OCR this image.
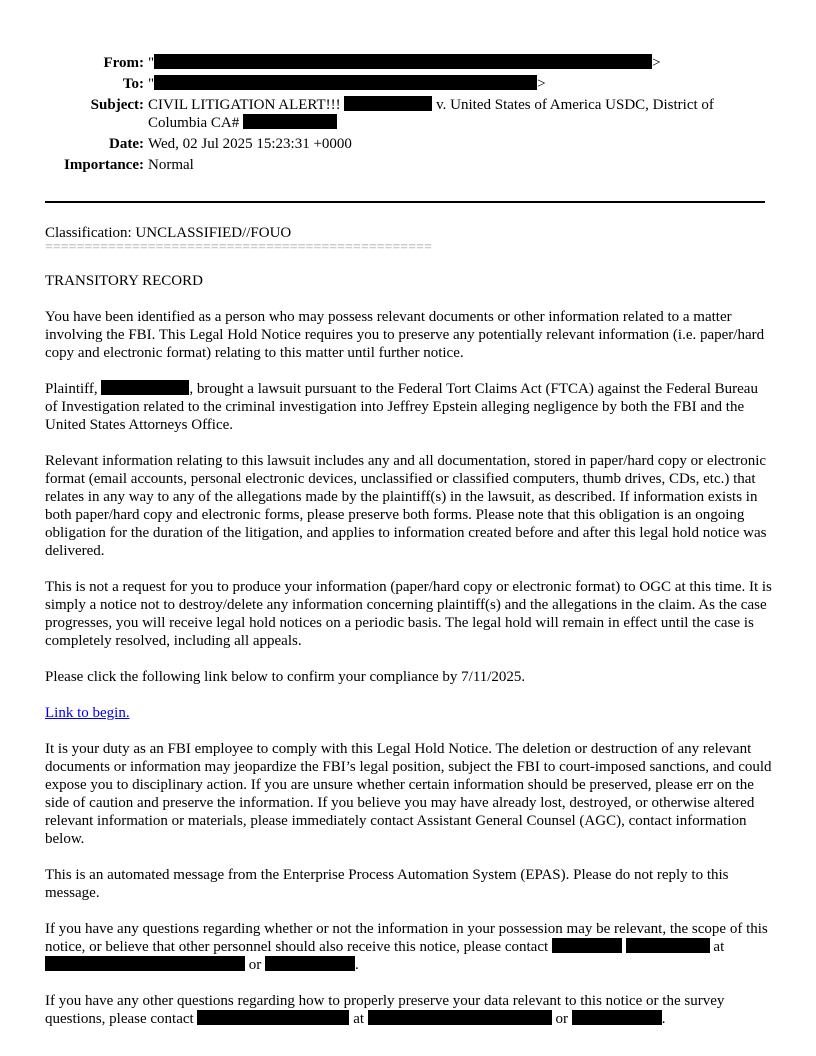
From: "	>
To: "	>
Subject: CIVIL LITIGATION ALERT!!!	v. United States of America USDC, District of Columbia CA#
Date: Wed, 02 Jul 2025 15:23:31 +0000
Importance: Normal

Classification: UNCLASSIFIED//FOUO

=================================================

TRANSITORY RECORD

You have been identified as a person who may possess relevant documents or other information related to a matter involving the FBI. This Legal Hold Notice requires you to preserve any potentially relevant information (i.e. paper/hard copy and electronic format) relating to this matter until further notice.

Plaintiff,	, brought a lawsuit pursuant to the Federal Tort Claims Act (FTCA) against the Federal Bureau of Investigation related to the criminal investigation into Jeffrey Epstein alleging negligence by both the FBI and the United States Attorneys Office.

Relevant information relating to this lawsuit includes any and all documentation, stored in paper/hard copy or electronic format (email accounts, personal electronic devices, unclassified or classified computers, thumb drives, CDs, etc.) that relates in any way to any of the allegations made by the plaintiff(s) in the lawsuit, as described. If information exists in both paper/hard copy and electronic forms, please preserve both forms. Please note that this obligation is an ongoing obligation for the duration of the litigation, and applies to information created before and after this legal hold notice was delivered.

This is not a request for you to produce your information (paper/hard copy or electronic format) to OGC at this time. It is simply a notice not to destroy/delete any information concerning plaintiff(s) and the allegations in the claim. As the case progresses, you will receive legal hold notices on a periodic basis. The legal hold will remain in effect until the case is completely resolved, including all appeals.

Please click the following link below to confirm your compliance by 7/11/2025.

Link to begin.

It is your duty as an FBI employee to comply with this Legal Hold Notice. The deletion or destruction of any relevant documents or information may jeopardize the FBI’s legal position, subject the FBI to court-imposed sanctions, and could expose you to disciplinary action. If you are unsure whether certain information should be preserved, please err on the side of caution and preserve the information. If you believe you may have already lost, destroyed, or otherwise altered relevant information or materials, please immediately contact Assistant General Counsel (AGC), contact information below.

This is an automated message from the Enterprise Process Automation System (EPAS). Please do not reply to this message.

If you have any questions regarding whether or not the information in your possession may be relevant, the scope of this notice, or believe that other personnel should also receive this notice, please contact	at  or	.

If you have any other questions regarding how to properly preserve your data relevant to this notice or the survey questions, please contact	at	or	.
